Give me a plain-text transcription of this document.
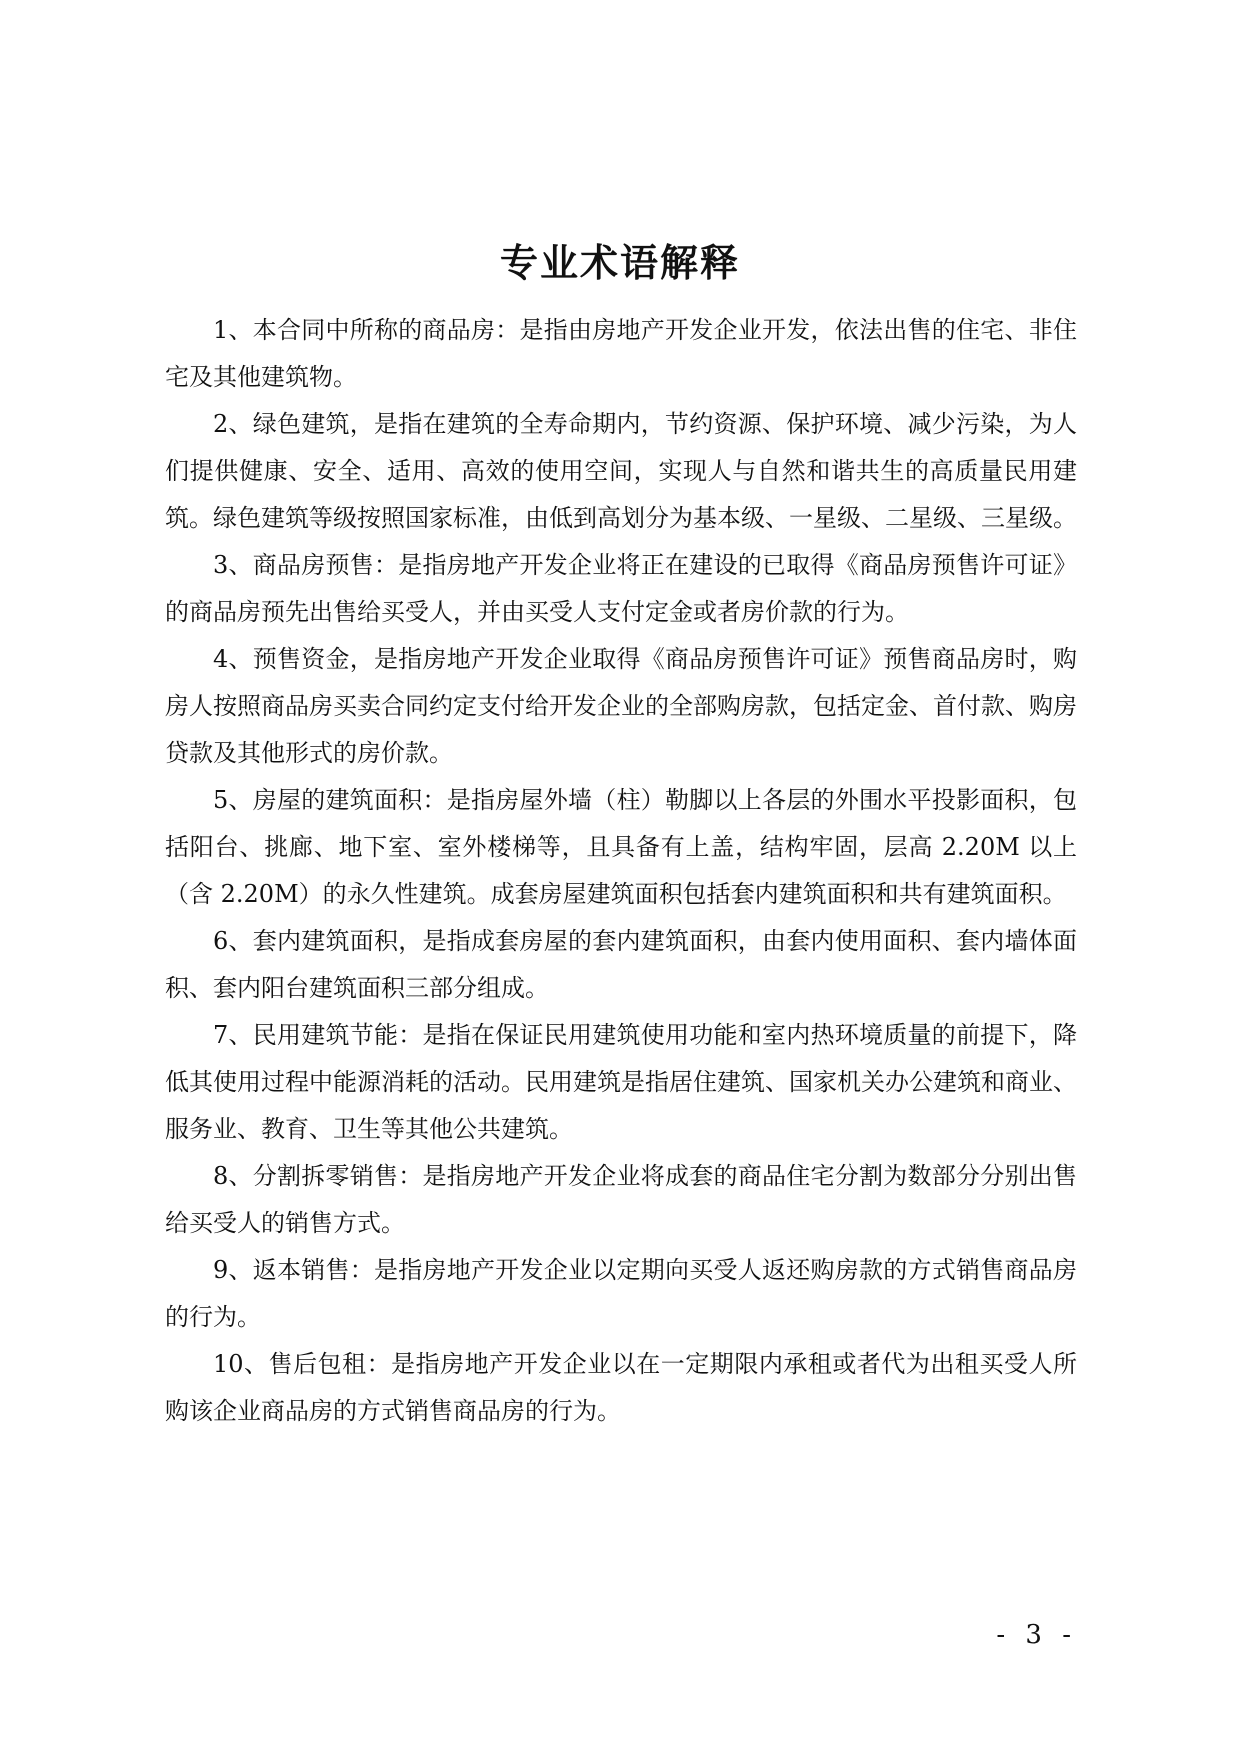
专业术语解释

1、本合同中所称的商品房：是指由房地产开发企业开发，依法出售的住宅、非住宅及其他建筑物。

2、绿色建筑，是指在建筑的全寿命期内，节约资源、保护环境、减少污染，为人们提供健康、安全、适用、高效的使用空间，实现人与自然和谐共生的高质量民用建筑。绿色建筑等级按照国家标准，由低到高划分为基本级、一星级、二星级、三星级。

3、商品房预售：是指房地产开发企业将正在建设的已取得《商品房预售许可证》的商品房预先出售给买受人，并由买受人支付定金或者房价款的行为。

4、预售资金，是指房地产开发企业取得《商品房预售许可证》预售商品房时，购房人按照商品房买卖合同约定支付给开发企业的全部购房款，包括定金、首付款、购房贷款及其他形式的房价款。

5、房屋的建筑面积：是指房屋外墙（柱）勒脚以上各层的外围水平投影面积，包括阳台、挑廊、地下室、室外楼梯等，且具备有上盖，结构牢固，层高 2.20M 以上（含 2.20M）的永久性建筑。成套房屋建筑面积包括套内建筑面积和共有建筑面积。

6、套内建筑面积，是指成套房屋的套内建筑面积，由套内使用面积、套内墙体面积、套内阳台建筑面积三部分组成。

7、民用建筑节能：是指在保证民用建筑使用功能和室内热环境质量的前提下，降低其使用过程中能源消耗的活动。民用建筑是指居住建筑、国家机关办公建筑和商业、服务业、教育、卫生等其他公共建筑。

8、分割拆零销售：是指房地产开发企业将成套的商品住宅分割为数部分分别出售给买受人的销售方式。

9、返本销售：是指房地产开发企业以定期向买受人返还购房款的方式销售商品房的行为。

10、售后包租：是指房地产开发企业以在一定期限内承租或者代为出租买受人所购该企业商品房的方式销售商品房的行为。

- 3 -
